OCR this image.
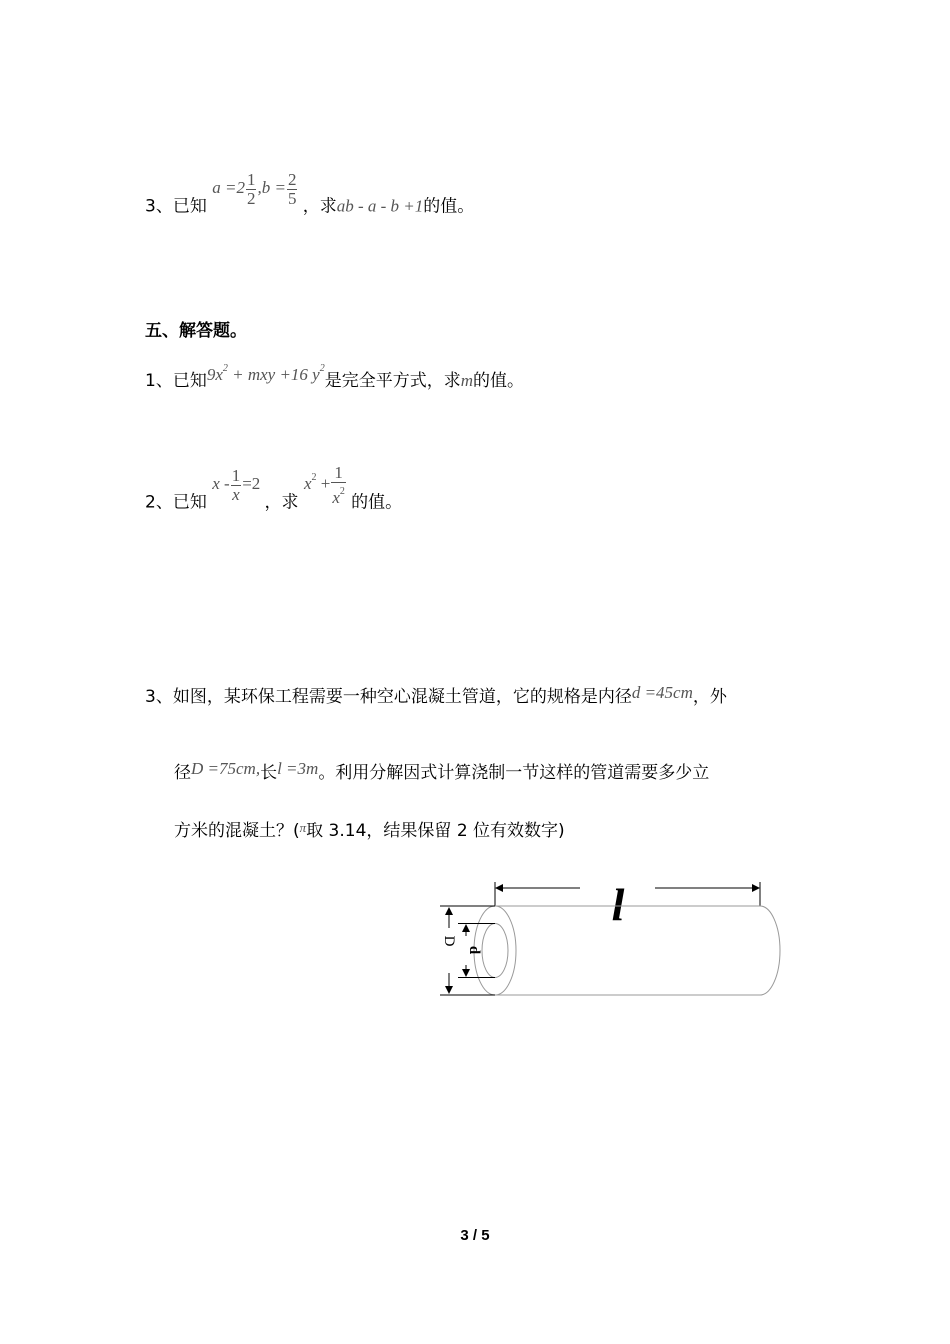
3、已知 $a =2 \frac{1}{2} ,b = \frac{2}{5}$ ，求ab - a - b +1的值。
五、解答题。
1、已知$9x^2$ + mxy +16 $y^2$是完全平方式，求m的值。
2、已知 $x - \frac{1}{x} =2$ ，求 $x^2 + \frac{1}{x^2}$ 的值。
3、如图，某环保工程需要一种空心混凝土管道，它的规格是内径d =45cm，外
径D =75cm,长l =3m。利用分解因式计算浇制一节这样的管道需要多少立
方米的混凝土？($^\pi$取 3.14，结果保留 2 位有效数字)
l
D
d
3 / 5
